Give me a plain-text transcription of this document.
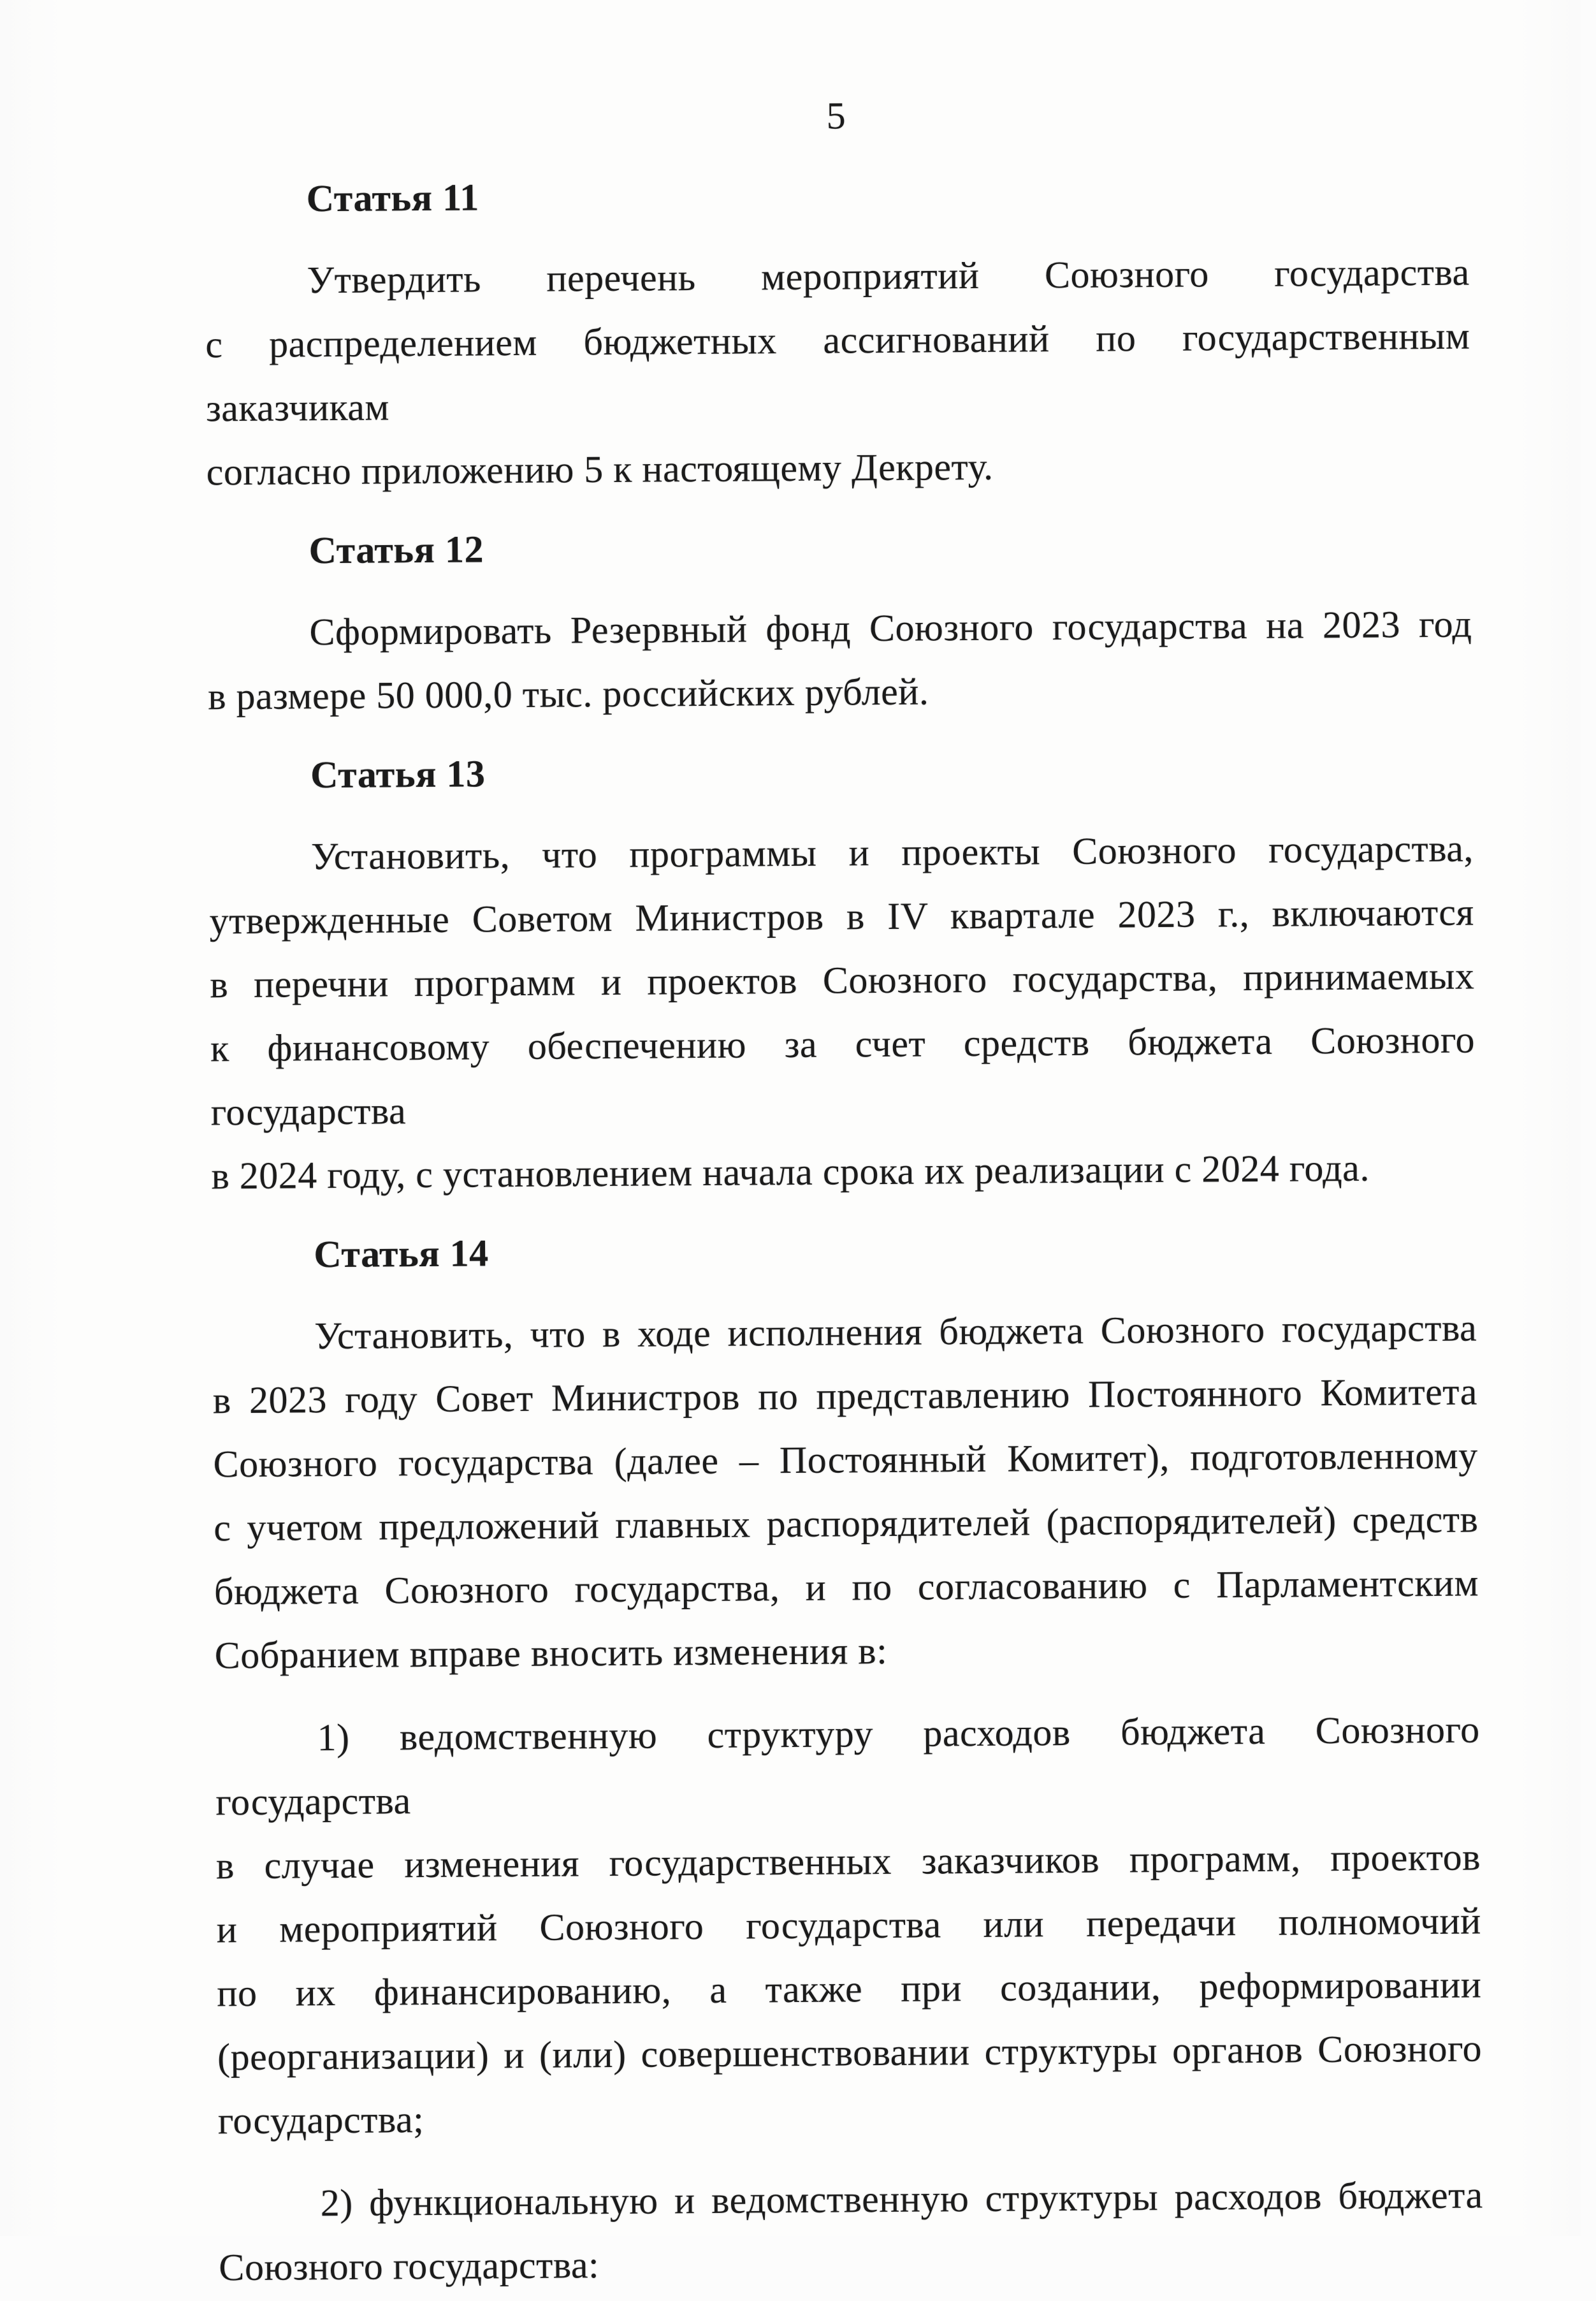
5
Статья 11
Утвердить перечень мероприятий Союзного государства
с распределением бюджетных ассигнований по государственным заказчикам
согласно приложению 5 к настоящему Декрету.
Статья 12
Сформировать Резервный фонд Союзного государства на 2023 год
в размере 50 000,0 тыс. российских рублей.
Статья 13
Установить, что программы и проекты Союзного государства,
утвержденные Советом Министров в IV квартале 2023 г., включаются
в перечни программ и проектов Союзного государства, принимаемых
к финансовому обеспечению за счет средств бюджета Союзного государства
в 2024 году, с установлением начала срока их реализации с 2024 года.
Статья 14
Установить, что в ходе исполнения бюджета Союзного государства
в 2023 году Совет Министров по представлению Постоянного Комитета
Союзного государства (далее – Постоянный Комитет), подготовленному
с учетом предложений главных распорядителей (распорядителей) средств
бюджета Союзного государства, и по согласованию с Парламентским
Собранием вправе вносить изменения в:
1) ведомственную структуру расходов бюджета Союзного государства
в случае изменения государственных заказчиков программ, проектов
и мероприятий Союзного государства или передачи полномочий
по их финансированию, а также при создании, реформировании
(реорганизации) и (или) совершенствовании структуры органов Союзного
государства;
2) функциональную и ведомственную структуры расходов бюджета
Союзного государства:
